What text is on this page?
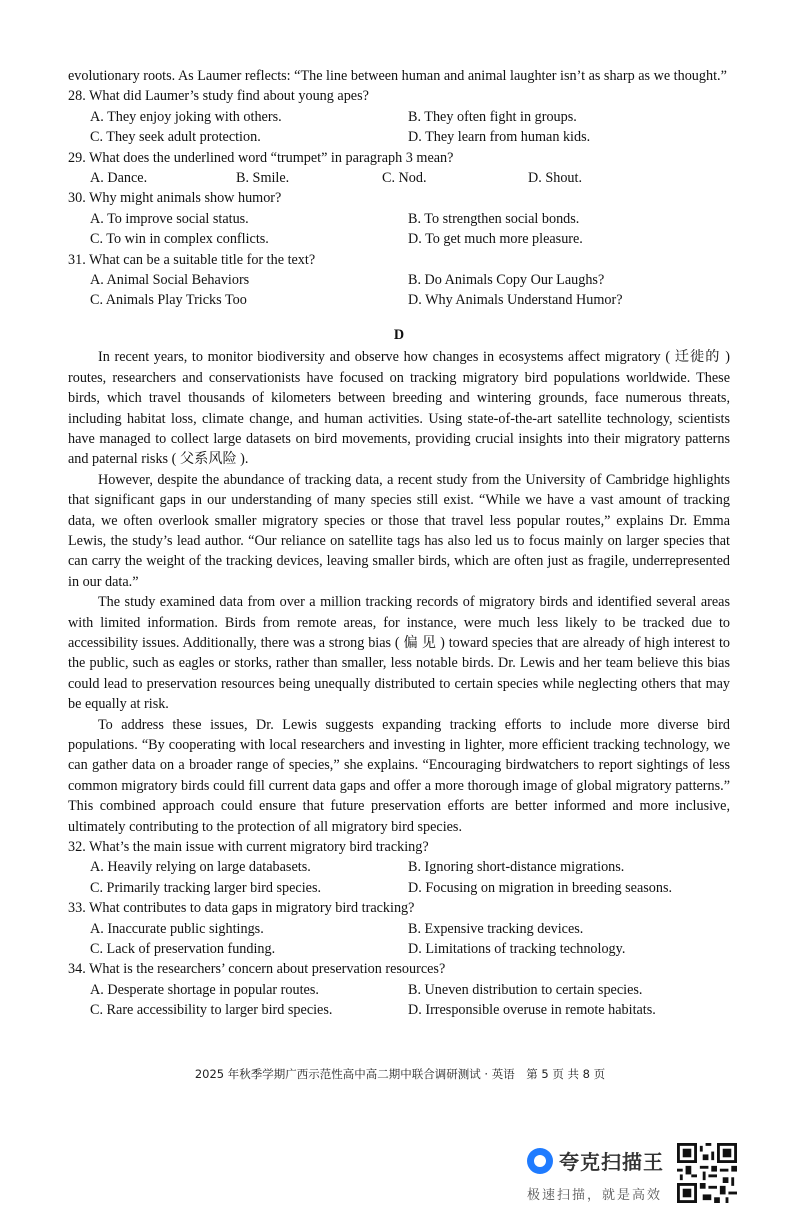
evolutionary roots. As Laumer reflects: “The line between human and animal laughter isn’t as sharp as we thought.”

28. What did Laumer’s study find about young apes?

A. They enjoy joking with others.	B. They often fight in groups.
C. They seek adult protection.	D. They learn from human kids.

29. What does the underlined word “trumpet” in paragraph 3 mean?

A. Dance.	B. Smile.	C. Nod.	D. Shout.

30. Why might animals show humor?

A. To improve social status.	B. To strengthen social bonds.
C. To win in complex conflicts.	D. To get much more pleasure.

31. What can be a suitable title for the text?

A. Animal Social Behaviors	B. Do Animals Copy Our Laughs?
C. Animals Play Tricks Too	D. Why Animals Understand Humor?
D

In recent years, to monitor biodiversity and observe how changes in ecosystems affect migratory ( 迁徙的 ) routes, researchers and conservationists have focused on tracking migratory bird populations worldwide. These birds, which travel thousands of kilometers between breeding and wintering grounds, face numerous threats, including habitat loss, climate change, and human activities. Using state-of-the-art satellite technology, scientists have managed to collect large datasets on bird movements, providing crucial insights into their migratory patterns and paternal risks ( 父系风险 ).

However, despite the abundance of tracking data, a recent study from the University of Cambridge highlights that significant gaps in our understanding of many species still exist. “While we have a vast amount of tracking data, we often overlook smaller migratory species or those that travel less popular routes,” explains Dr. Emma Lewis, the study’s lead author. “Our reliance on satellite tags has also led us to focus mainly on larger species that can carry the weight of the tracking devices, leaving smaller birds, which are often just as fragile, underrepresented in our data.”

The study examined data from over a million tracking records of migratory birds and identified several areas with limited information. Birds from remote areas, for instance, were much less likely to be tracked due to accessibility issues. Additionally, there was a strong bias ( 偏 见 ) toward species that are already of high interest to the public, such as eagles or storks, rather than smaller, less notable birds. Dr. Lewis and her team believe this bias could lead to preservation resources being unequally distributed to certain species while neglecting others that may be equally at risk.

To address these issues, Dr. Lewis suggests expanding tracking efforts to include more diverse bird populations. “By cooperating with local researchers and investing in lighter, more efficient tracking technology, we can gather data on a broader range of species,” she explains. “Encouraging birdwatchers to report sightings of less common migratory birds could fill current data gaps and offer a more thorough image of global migratory patterns.” This combined approach could ensure that future preservation efforts are better informed and more inclusive, ultimately contributing to the protection of all migratory bird species.

32. What’s the main issue with current migratory bird tracking?

A. Heavily relying on large databasets.	B. Ignoring short-distance migrations.
C. Primarily tracking larger bird species.	D. Focusing on migration in breeding seasons.

33. What contributes to data gaps in migratory bird tracking?

A. Inaccurate public sightings.	B. Expensive tracking devices.
C. Lack of preservation funding.	D. Limitations of tracking technology.

34. What is the researchers’ concern about preservation resources?

A. Desperate shortage in popular routes.	B. Uneven distribution to certain species.
C. Rare accessibility to larger bird species.	D. Irresponsible overuse in remote habitats.
2025 年秋季学期广西示范性高中高二期中联合调研测试 · 英语　第 5 页 共 8 页
夸克扫描王
极速扫描，就是高效
